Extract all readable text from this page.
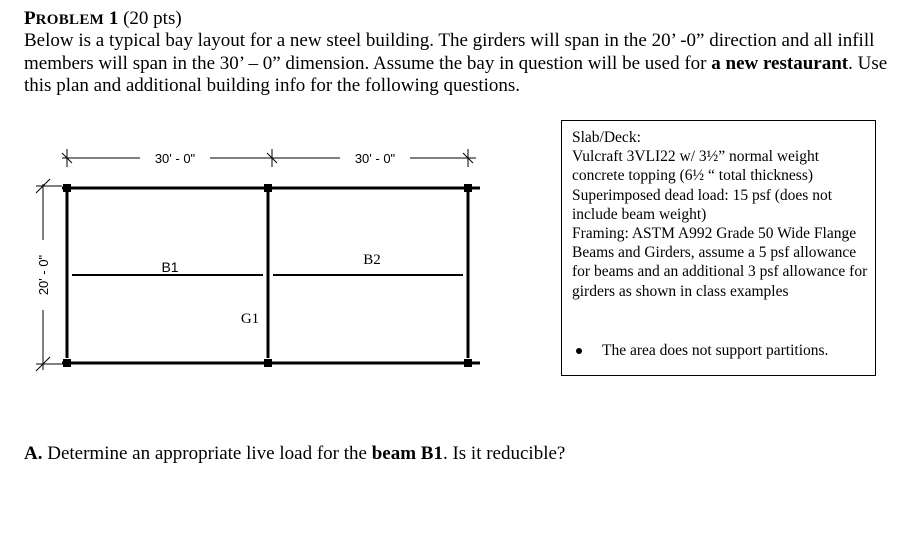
PROBLEM 1 (20 pts)
Below is a typical bay layout for a new steel building. The girders will span in the 20’ -0” direction and all infill members will span in the 30’ – 0” dimension. Assume the bay in question will be used for a new restaurant. Use this plan and additional building info for the following questions.
30' - 0"	30' - 0"
20' - 0"	B1	B2
G1

Slab/Deck:

Vulcraft 3VLI22 w/ 3½” normal weight concrete topping (6½ “ total thickness)

Superimposed dead load: 15 psf (does not include beam weight)

Framing: ASTM A992 Grade 50 Wide Flange Beams and Girders, assume a 5 psf allowance for beams and an additional 3 psf allowance for girders as shown in class examples

The area does not support partitions.
A. Determine an appropriate live load for the beam B1. Is it reducible?
